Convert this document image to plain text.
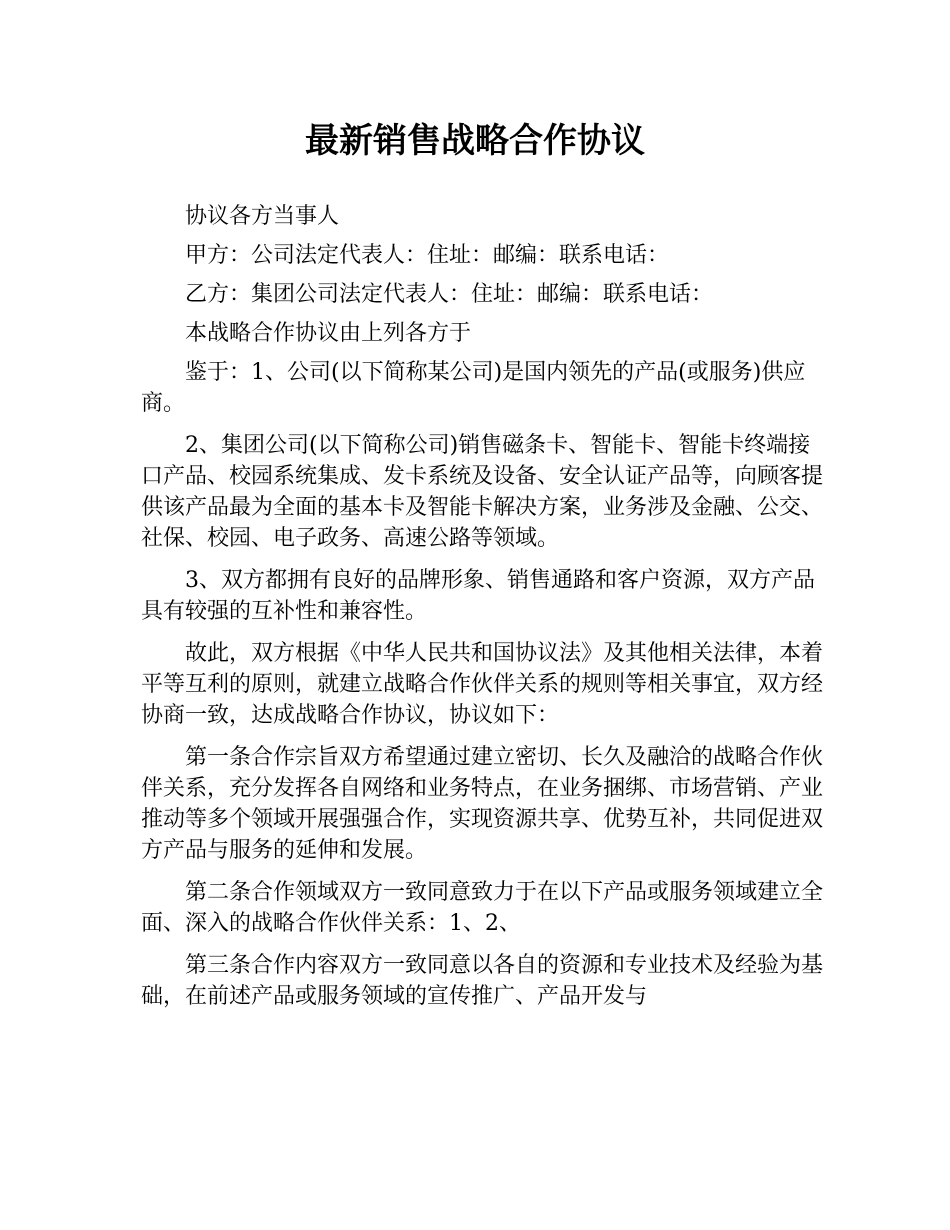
最新销售战略合作协议

协议各方当事人

甲方：公司法定代表人：住址：邮编：联系电话：

乙方：集团公司法定代表人：住址：邮编：联系电话：

本战略合作协议由上列各方于

鉴于：1、公司(以下简称某公司)是国内领先的产品(或服务)供应商。

2、集团公司(以下简称公司)销售磁条卡、智能卡、智能卡终端接口产品、校园系统集成、发卡系统及设备、安全认证产品等，向顾客提供该产品最为全面的基本卡及智能卡解决方案，业务涉及金融、公交、社保、校园、电子政务、高速公路等领域。

3、双方都拥有良好的品牌形象、销售通路和客户资源，双方产品具有较强的互补性和兼容性。

故此，双方根据《中华人民共和国协议法》及其他相关法律，本着平等互利的原则，就建立战略合作伙伴关系的规则等相关事宜，双方经协商一致，达成战略合作协议，协议如下：

第一条合作宗旨双方希望通过建立密切、长久及融洽的战略合作伙伴关系，充分发挥各自网络和业务特点，在业务捆绑、市场营销、产业推动等多个领域开展强强合作，实现资源共享、优势互补，共同促进双方产品与服务的延伸和发展。

第二条合作领域双方一致同意致力于在以下产品或服务领域建立全面、深入的战略合作伙伴关系：1、2、

第三条合作内容双方一致同意以各自的资源和专业技术及经验为基础，在前述产品或服务领域的宣传推广、产品开发与
